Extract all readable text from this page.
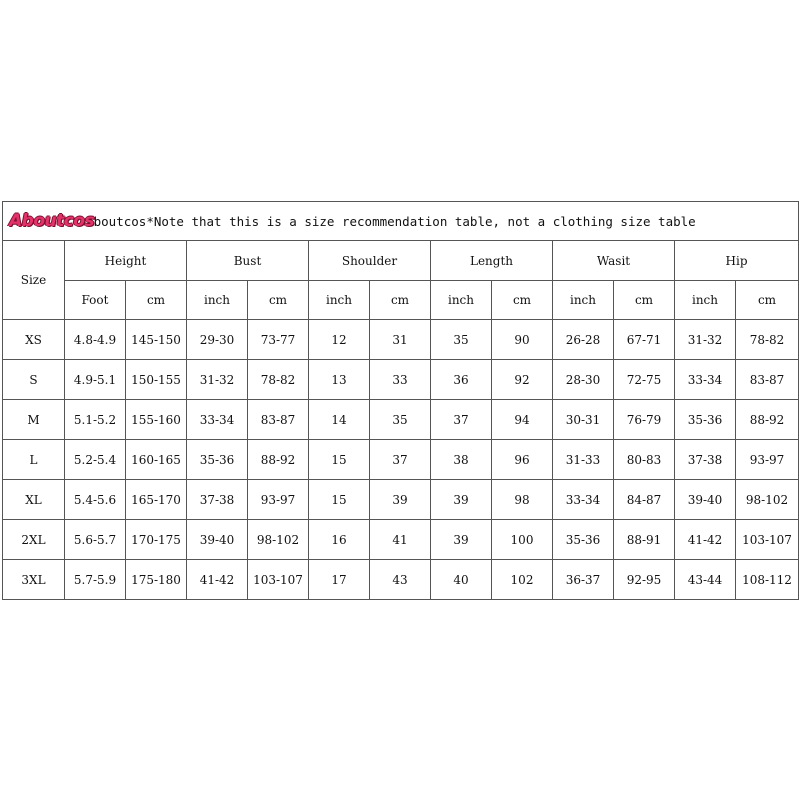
Aboutcos
Aboutcos*Note that this is a size recommendation table, not a clothing size table												

Size	Height		Bust		Shoulder		Length		Wasit		Hip	
	Foot	cm	inch	cm	inch	cm	inch	cm	inch	cm	inch	cm
XS	4.8-4.9	145-150	29-30	73-77	12	31	35	90	26-28	67-71	31-32	78-82
S	4.9-5.1	150-155	31-32	78-82	13	33	36	92	28-30	72-75	33-34	83-87
M	5.1-5.2	155-160	33-34	83-87	14	35	37	94	30-31	76-79	35-36	88-92
L	5.2-5.4	160-165	35-36	88-92	15	37	38	96	31-33	80-83	37-38	93-97
XL	5.4-5.6	165-170	37-38	93-97	15	39	39	98	33-34	84-87	39-40	98-102
2XL	5.6-5.7	170-175	39-40	98-102	16	41	39	100	35-36	88-91	41-42	103-107
3XL	5.7-5.9	175-180	41-42	103-107	17	43	40	102	36-37	92-95	43-44	108-112
